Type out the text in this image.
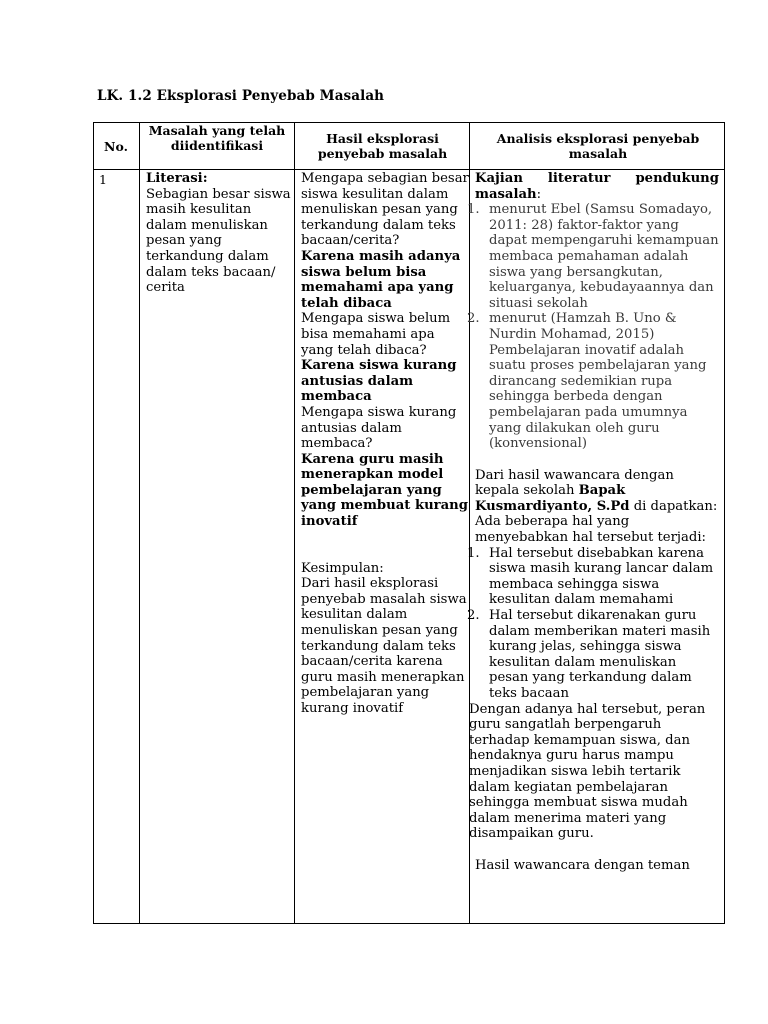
LK. 1.2 Eksplorasi Penyebab Masalah
No.
Masalah yang telah diidentifikasi	Hasil eksplorasi penyebab masalah
Analisis eksplorasi penyebab masalah
1	Literasi:
Sebagian besar siswa masih kesulitan dalam menuliskan pesan yang terkandung dalam dalam teks bacaan/ cerita
Mengapa sebagian besar siswa kesulitan dalam menuliskan pesan yang terkandung dalam teks bacaan/cerita?
Karena masih adanya siswa belum bisa memahami apa yang telah dibaca
Mengapa siswa belum bisa memahami apa yang telah dibaca?
Karena siswa kurang antusias dalam membaca
Mengapa siswa kurang antusias dalam membaca?
Karena guru masih menerapkan model pembelajaran yang yang membuat kurang inovatif
Kesimpulan:
Dari hasil eksplorasi penyebab masalah siswa kesulitan dalam menuliskan pesan yang terkandung dalam teks bacaan/cerita karena guru masih menerapkan pembelajaran yang kurang inovatif
Kajian literatur pendukung
masalah:
1. menurut Ebel (Samsu Somadayo, 2011: 28) faktor-faktor yang dapat mempengaruhi kemampuan membaca pemahaman adalah siswa yang bersangkutan, keluarganya, kebudayaannya dan situasi sekolah
2. menurut (Hamzah B. Uno & Nurdin Mohamad, 2015) Pembelajaran inovatif adalah suatu proses pembelajaran yang dirancang sedemikian rupa sehingga berbeda dengan pembelajaran pada umumnya yang dilakukan oleh guru (konvensional)
Dari hasil wawancara dengan kepala sekolah Bapak Kusmardiyanto, S.Pd di dapatkan:
Ada beberapa hal yang menyebabkan hal tersebut terjadi:
1. Hal tersebut disebabkan karena siswa masih kurang lancar dalam membaca sehingga siswa kesulitan dalam memahami
2. Hal tersebut dikarenakan guru dalam memberikan materi masih kurang jelas, sehingga siswa kesulitan dalam menuliskan pesan yang terkandung dalam teks bacaan
Dengan adanya hal tersebut, peran guru sangatlah berpengaruh terhadap kemampuan siswa, dan hendaknya guru harus mampu menjadikan siswa lebih tertarik dalam kegiatan pembelajaran sehingga membuat siswa mudah dalam menerima materi yang disampaikan guru.
Hasil wawancara dengan teman
